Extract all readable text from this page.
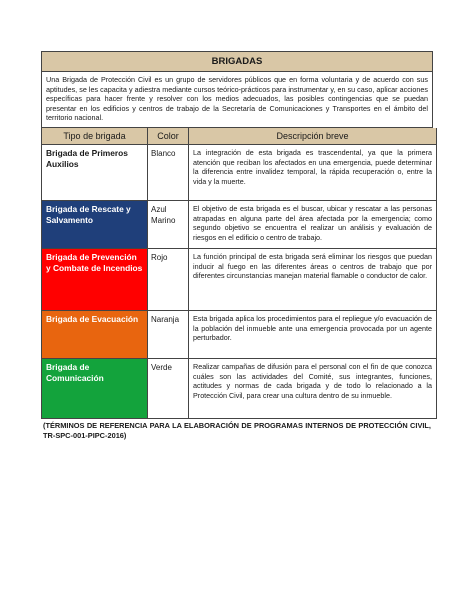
BRIGADAS
Una Brigada de Protección Civil es un grupo de servidores públicos que en forma voluntaria y de acuerdo con sus aptitudes, se les capacita y adiestra mediante cursos teórico-prácticos para instrumentar y, en su caso, aplicar acciones específicas para hacer frente y resolver con los medios adecuados, las posibles contingencias que se puedan presentar en los edificios y centros de trabajo de la Secretaría de Comunicaciones y Transportes en el ámbito del territorio nacional.
Tipo de brigada	Color	Descripción breve
Brigada de Primeros Auxilios	Blanco	La integración de esta brigada es trascendental, ya que la primera atención que reciban los afectados en una emergencia, puede determinar la diferencia entre invalidez temporal, la rápida recuperación o, entre la vida y la muerte.
Brigada de Rescate y Salvamento	Azul Marino	El objetivo de esta brigada es el buscar, ubicar y rescatar a las personas atrapadas en alguna parte del área afectada por la emergencia; como segundo objetivo se encuentra el realizar un análisis y evaluación de riesgos en el edificio o centro de trabajo.
Brigada de Prevención y Combate de Incendios	Rojo	La función principal de esta brigada será eliminar los riesgos que puedan inducir al fuego en las diferentes áreas o centros de trabajo que por diferentes circunstancias manejan material flamable o conductor de calor.
Brigada de Evacuación	Naranja	Esta brigada aplica los procedimientos para el repliegue y/o evacuación de la población del inmueble ante una emergencia provocada por un agente perturbador.
Brigada de Comunicación	Verde	Realizar campañas de difusión para el personal con el fin de que conozca cuáles son las actividades del Comité, sus integrantes, funciones, actitudes y normas de cada brigada y de todo lo relacionado a la Protección Civil, para crear una cultura dentro de su inmueble.
(TÉRMINOS DE REFERENCIA PARA LA ELABORACIÓN DE PROGRAMAS INTERNOS DE PROTECCIÓN CIVIL, TR-SPC-001-PIPC-2016)
